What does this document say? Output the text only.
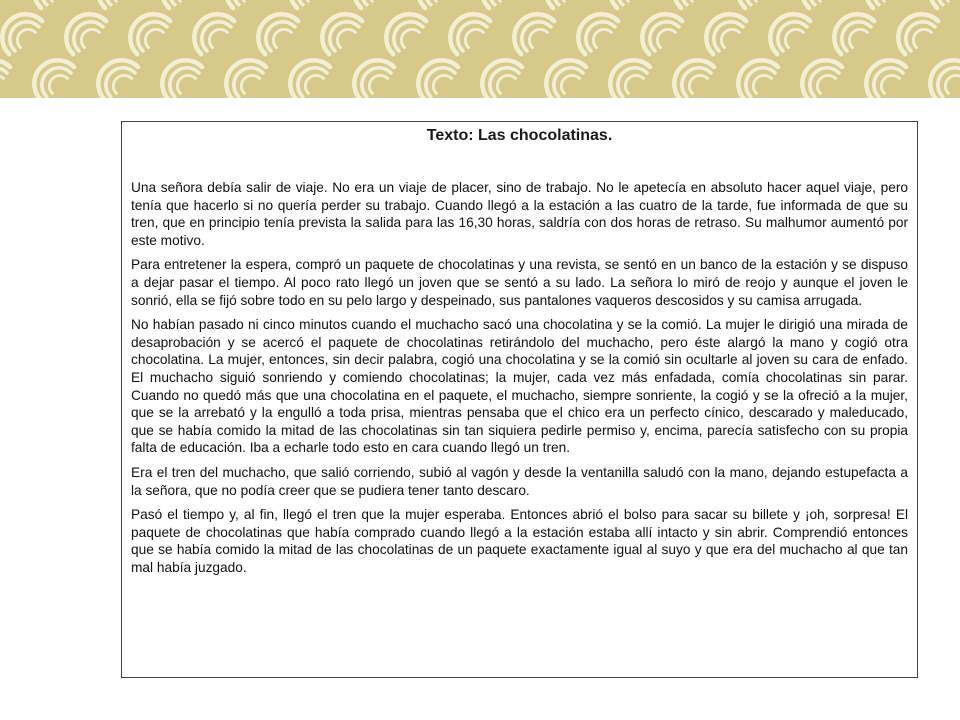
Texto: Las chocolatinas.

Una señora debía salir de viaje. No era un viaje de placer, sino de trabajo. No le apetecía en absoluto hacer aquel viaje, pero tenía que hacerlo si no quería perder su trabajo. Cuando llegó a la estación a las cuatro de la tarde, fue informada de que su tren, que en principio tenía prevista la salida para las 16,30 horas, saldría con dos horas de retraso. Su malhumor aumentó por este motivo.

Para entretener la espera, compró un paquete de chocolatinas y una revista, se sentó en un banco de la estación y se dispuso a dejar pasar el tiempo. Al poco rato llegó un joven que se sentó a su lado. La señora lo miró de reojo y aunque el joven le sonrió, ella se fijó sobre todo en su pelo largo y despeinado, sus pantalones vaqueros descosidos y su camisa arrugada.

No habían pasado ni cinco minutos cuando el muchacho sacó una chocolatina y se la comió. La mujer le dirigió una mirada de desaprobación y se acercó el paquete de chocolatinas retirándolo del muchacho, pero éste alargó la mano y cogió otra chocolatina. La mujer, entonces, sin decir palabra, cogió una chocolatina y se la comió sin ocultarle al joven su cara de enfado. El muchacho siguió sonriendo y comiendo chocolatinas; la mujer, cada vez más enfadada, comía chocolatinas sin parar. Cuando no quedó más que una chocolatina en el paquete, el muchacho, siempre sonriente, la cogió y se la ofreció a la mujer, que se la arrebató y la engulló a toda prisa, mientras pensaba que el chico era un perfecto cínico, descarado y maleducado, que se había comido la mitad de las chocolatinas sin tan siquiera pedirle permiso y, encima, parecía satisfecho con su propia falta de educación. Iba a echarle todo esto en cara cuando llegó un tren.

Era el tren del muchacho, que salió corriendo, subió al vagón y desde la ventanilla saludó con la mano, dejando estupefacta a la señora, que no podía creer que se pudiera tener tanto descaro.

Pasó el tiempo y, al fin, llegó el tren que la mujer esperaba. Entonces abrió el bolso para sacar su billete y ¡oh, sorpresa! El paquete de chocolatinas que había comprado cuando llegó a la estación estaba allí intacto y sin abrir. Comprendió entonces que se había comido la mitad de las chocolatinas de un paquete exactamente igual al suyo y que era del muchacho al que tan mal había juzgado.
